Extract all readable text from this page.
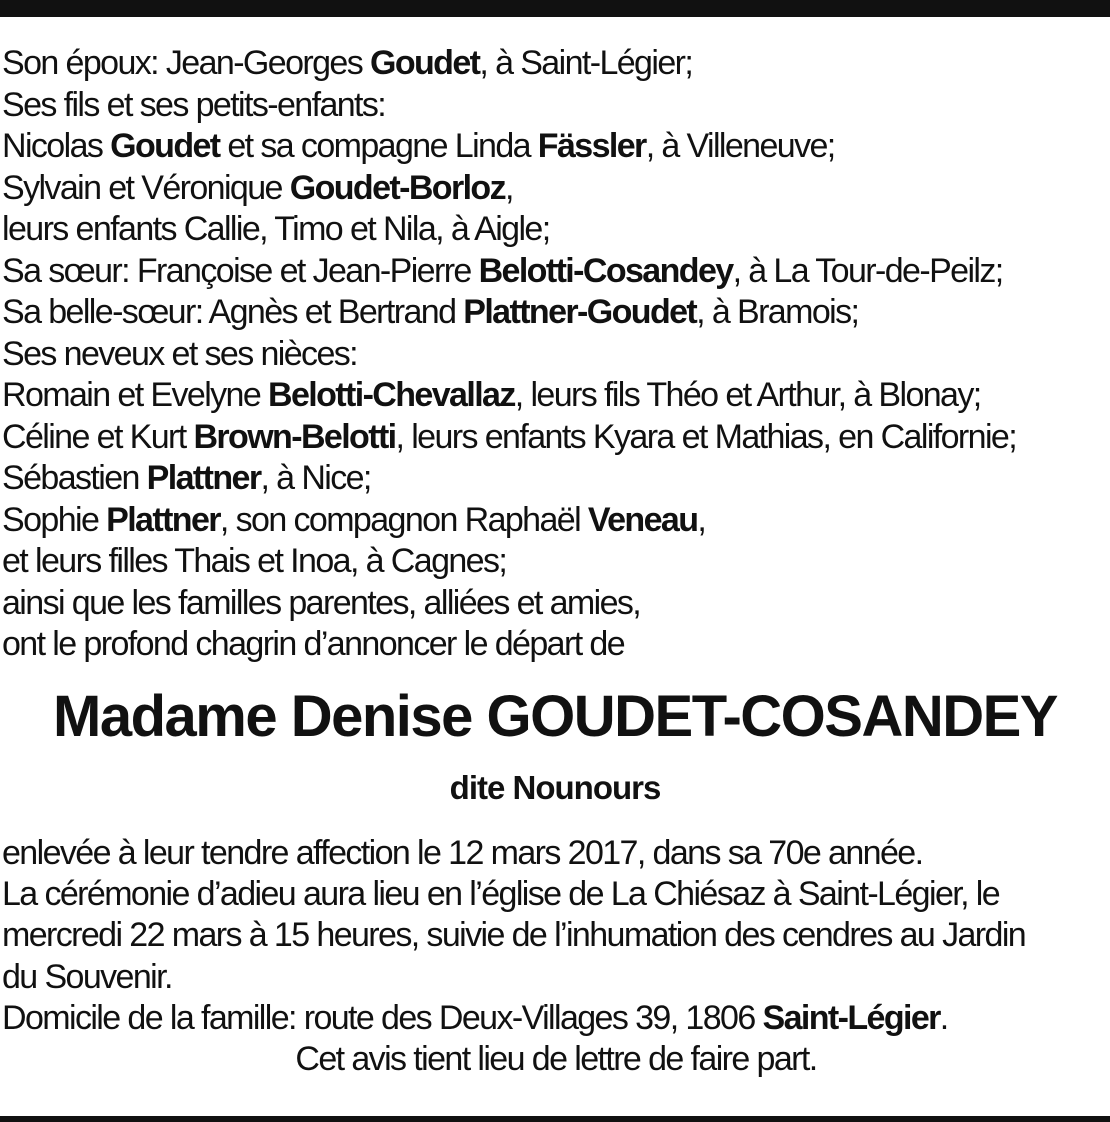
Son époux: Jean-Georges Goudet, à Saint-Légier;
Ses fils et ses petits-enfants:
Nicolas Goudet et sa compagne Linda Fässler, à Villeneuve;
Sylvain et Véronique Goudet-Borloz,
leurs enfants Callie, Timo et Nila, à Aigle;
Sa sœur: Françoise et Jean-Pierre Belotti-Cosandey, à La Tour-de-Peilz;
Sa belle-sœur: Agnès et Bertrand Plattner-Goudet, à Bramois;
Ses neveux et ses nièces:
Romain et Evelyne Belotti-Chevallaz, leurs fils Théo et Arthur, à Blonay;
Céline et Kurt Brown-Belotti, leurs enfants Kyara et Mathias, en Californie;
Sébastien Plattner, à Nice;
Sophie Plattner, son compagnon Raphaël Veneau,
et leurs filles Thais et Inoa, à Cagnes;
ainsi que les familles parentes, alliées et amies,
ont le profond chagrin d’annoncer le départ de
Madame Denise GOUDET-COSANDEY
dite Nounours
enlevée à leur tendre affection le 12 mars 2017, dans sa 70e année.
La cérémonie d’adieu aura lieu en l’église de La Chiésaz à Saint-Légier, le
mercredi 22 mars à 15 heures, suivie de l’inhumation des cendres au Jardin
du Souvenir.
Domicile de la famille: route des Deux-Villages 39, 1806 Saint-Légier.
Cet avis tient lieu de lettre de faire part.
